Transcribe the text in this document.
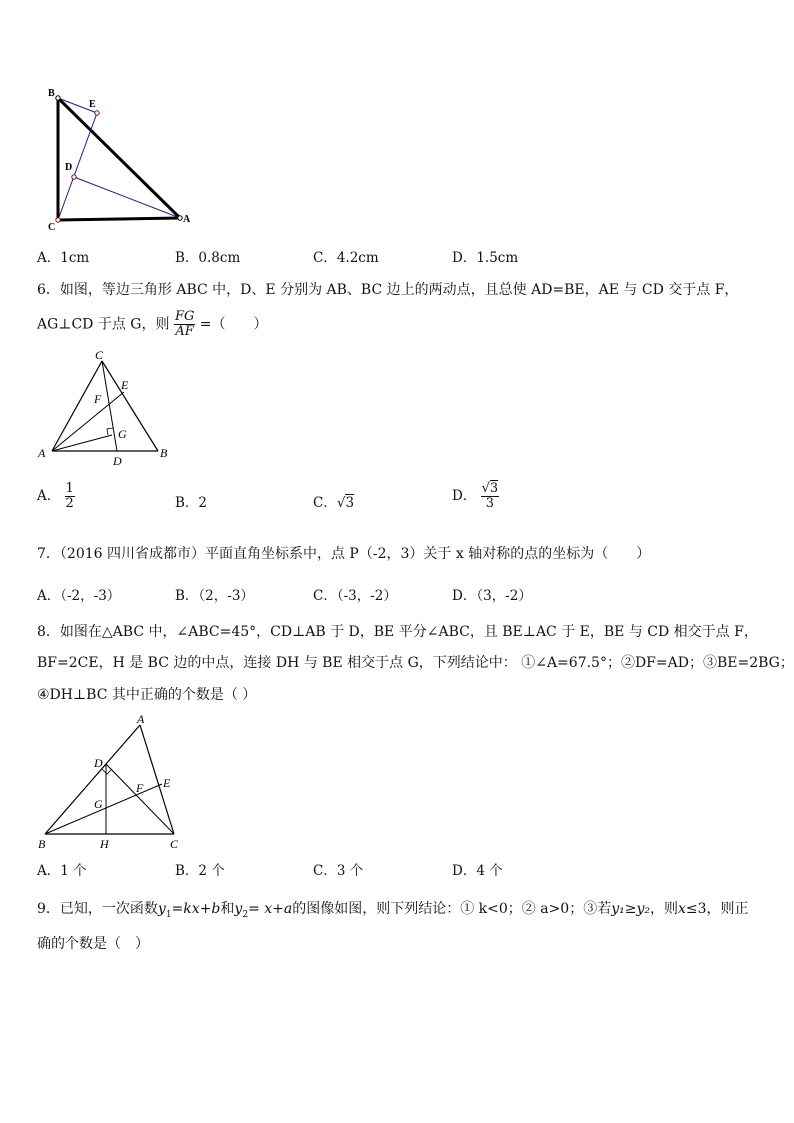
B
E
D
C
A
A．1cm	B．0.8cm	C．4.2cm	D．1.5cm
6．如图，等边三角形 ABC 中，D、E 分别为 AB、BC 边上的两动点，且总使 AD=BE，AE 与 CD 交于点 F，
AG⊥CD 于点 G，则 $\frac{FG}{AF}$ =（　　）
C
E
F
G
A
D
B
A． $\frac{1}{2}$	B．2	C．√3	D． $\frac{√3}{3}$
7．（2016 四川省成都市）平面直角坐标系中，点 P（-2，3）关于 x 轴对称的点的坐标为（　　）
A．（-2，-3）	B．（2，-3）	C．（-3，-2）	D．（3，-2）
8．如图在△ABC 中，∠ABC=45°，CD⊥AB 于 D，BE 平分∠ABC，且 BE⊥AC 于 E，BE 与 CD 相交于点 F，
BF=2CE，H 是 BC 边的中点，连接 DH 与 BE 相交于点 G，下列结论中： ①∠A=67.5°；②DF=AD；③BE=2BG；
④DH⊥BC 其中正确的个数是（ ）
A
D
E
F
G
B	H	C
A．1 个	B．2 个	C．3 个	D．4 个
9．已知，一次函数$y_1=kx+b$和$y_2= x+a$的图像如图，则下列结论：① k<0；② a>0；③若y₁≥y₂，则x≤3，则正
确的个数是（　）
